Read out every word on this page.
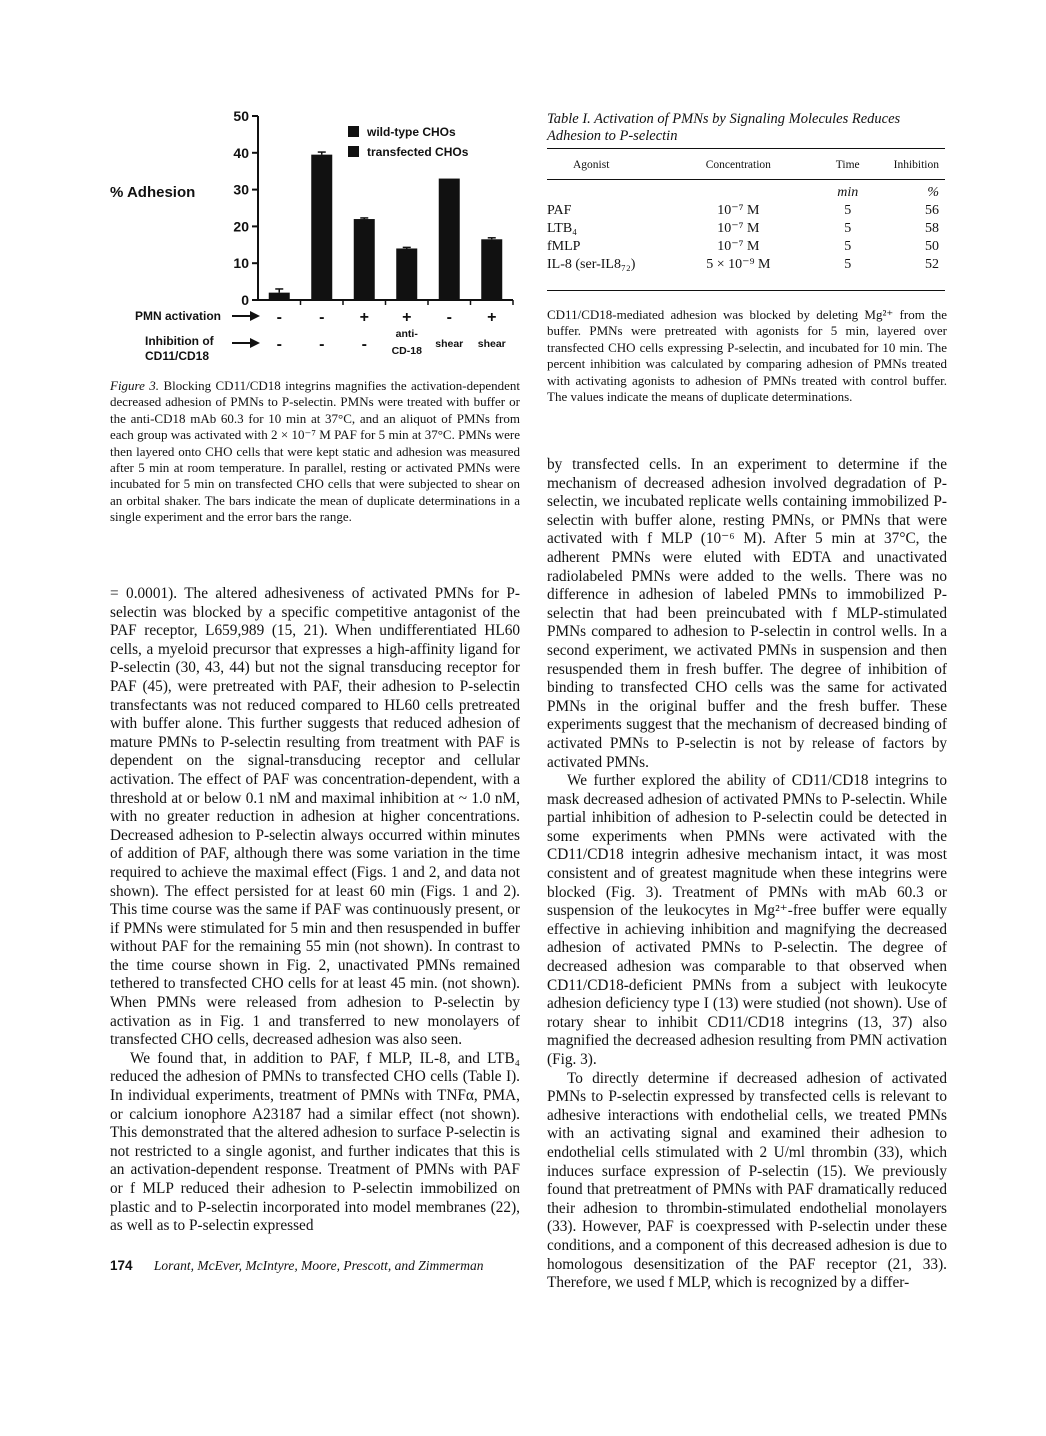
% Adhesion
0
10
20
30
40
50
wild-type CHOs
transfected CHOs
PMN activation
Inhibition of
CD11/CD18
- - + + - +
- - -
anti-
CD-18
shear shear
Figure 3. Blocking CD11/CD18 integrins magnifies the activation-dependent decreased adhesion of PMNs to P-selectin. PMNs were treated with buffer or the anti-CD18 mAb 60.3 for 10 min at 37°C, and an aliquot of PMNs from each group was activated with 2 × 10⁻⁷ M PAF for 5 min at 37°C. PMNs were then layered onto CHO cells that were kept static and adhesion was measured after 5 min at room temperature. In parallel, resting or activated PMNs were incubated for 5 min on transfected CHO cells that were subjected to shear on an orbital shaker. The bars indicate the mean of duplicate determinations in a single experiment and the error bars the range.
Table I. Activation of PMNs by Signaling Molecules Reduces Adhesion to P-selectin
Agonist	Concentration	Time	Inhibition
		min	%
PAF	10⁻⁷ M	5	56
LTB₄	10⁻⁷ M	5	58
fMLP	10⁻⁷ M	5	50
IL-8 (ser-IL8₇₂)	5 × 10⁻⁹ M	5	52
CD11/CD18-mediated adhesion was blocked by deleting Mg²⁺ from the buffer. PMNs were pretreated with agonists for 5 min, layered over transfected CHO cells expressing P-selectin, and incubated for 10 min. The percent inhibition was calculated by comparing adhesion of PMNs treated with activating agonists to adhesion of PMNs treated with control buffer. The values indicate the means of duplicate determinations.

= 0.0001). The altered adhesiveness of activated PMNs for P-selectin was blocked by a specific competitive antagonist of the PAF receptor, L659,989 (15, 21). When undifferentiated HL60 cells, a myeloid precursor that expresses a high-affinity ligand for P-selectin (30, 43, 44) but not the signal transducing receptor for PAF (45), were pretreated with PAF, their adhesion to P-selectin transfectants was not reduced compared to HL60 cells pretreated with buffer alone. This further suggests that reduced adhesion of mature PMNs to P-selectin resulting from treatment with PAF is dependent on the signal-transducing receptor and cellular activation. The effect of PAF was concentration-dependent, with a threshold at or below 0.1 nM and maximal inhibition at ~ 1.0 nM, with no greater reduction in adhesion at higher concentrations. Decreased adhesion to P-selectin always occurred within minutes of addition of PAF, although there was some variation in the time required to achieve the maximal effect (Figs. 1 and 2, and data not shown). The effect persisted for at least 60 min (Figs. 1 and 2). This time course was the same if PAF was continuously present, or if PMNs were stimulated for 5 min and then resuspended in buffer without PAF for the remaining 55 min (not shown). In contrast to the time course shown in Fig. 2, unactivated PMNs remained tethered to transfected CHO cells for at least 45 min. (not shown). When PMNs were released from adhesion to P-selectin by activation as in Fig. 1 and transferred to new monolayers of transfected CHO cells, decreased adhesion was also seen.

We found that, in addition to PAF, f MLP, IL-8, and LTB₄ reduced the adhesion of PMNs to transfected CHO cells (Table I). In individual experiments, treatment of PMNs with TNFα, PMA, or calcium ionophore A23187 had a similar effect (not shown). This demonstrated that the altered adhesion to surface P-selectin is not restricted to a single agonist, and further indicates that this is an activation-dependent response. Treatment of PMNs with PAF or f MLP reduced their adhesion to P-selectin immobilized on plastic and to P-selectin incorporated into model membranes (22), as well as to P-selectin expressed

by transfected cells. In an experiment to determine if the mechanism of decreased adhesion involved degradation of P-selectin, we incubated replicate wells containing immobilized P-selectin with buffer alone, resting PMNs, or PMNs that were activated with f MLP (10⁻⁶ M). After 5 min at 37°C, the adherent PMNs were eluted with EDTA and unactivated radiolabeled PMNs were added to the wells. There was no difference in adhesion of labeled PMNs to immobilized P-selectin that had been preincubated with f MLP-stimulated PMNs compared to adhesion to P-selectin in control wells. In a second experiment, we activated PMNs in suspension and then resuspended them in fresh buffer. The degree of inhibition of binding to transfected CHO cells was the same for activated PMNs in the original buffer and the fresh buffer. These experiments suggest that the mechanism of decreased binding of activated PMNs to P-selectin is not by release of factors by activated PMNs.

We further explored the ability of CD11/CD18 integrins to mask decreased adhesion of activated PMNs to P-selectin. While partial inhibition of adhesion to P-selectin could be detected in some experiments when PMNs were activated with the CD11/CD18 integrin adhesive mechanism intact, it was most consistent and of greatest magnitude when these integrins were blocked (Fig. 3). Treatment of PMNs with mAb 60.3 or suspension of the leukocytes in Mg²⁺-free buffer were equally effective in achieving inhibition and magnifying the decreased adhesion of activated PMNs to P-selectin. The degree of decreased adhesion was comparable to that observed when CD11/CD18-deficient PMNs from a subject with leukocyte adhesion deficiency type I (13) were studied (not shown). Use of rotary shear to inhibit CD11/CD18 integrins (13, 37) also magnified the decreased adhesion resulting from PMN activation (Fig. 3).

To directly determine if decreased adhesion of activated PMNs to P-selectin expressed by transfected cells is relevant to adhesive interactions with endothelial cells, we treated PMNs with an activating signal and examined their adhesion to endothelial cells stimulated with 2 U/ml thrombin (33), which induces surface expression of P-selectin (15). We previously found that pretreatment of PMNs with PAF dramatically reduced their adhesion to thrombin-stimulated endothelial monolayers (33). However, PAF is coexpressed with P-selectin under these conditions, and a component of this decreased adhesion is due to homologous desensitization of the PAF receptor (21, 33). Therefore, we used f MLP, which is recognized by a differ-

174 Lorant, McEver, McIntyre, Moore, Prescott, and Zimmerman
